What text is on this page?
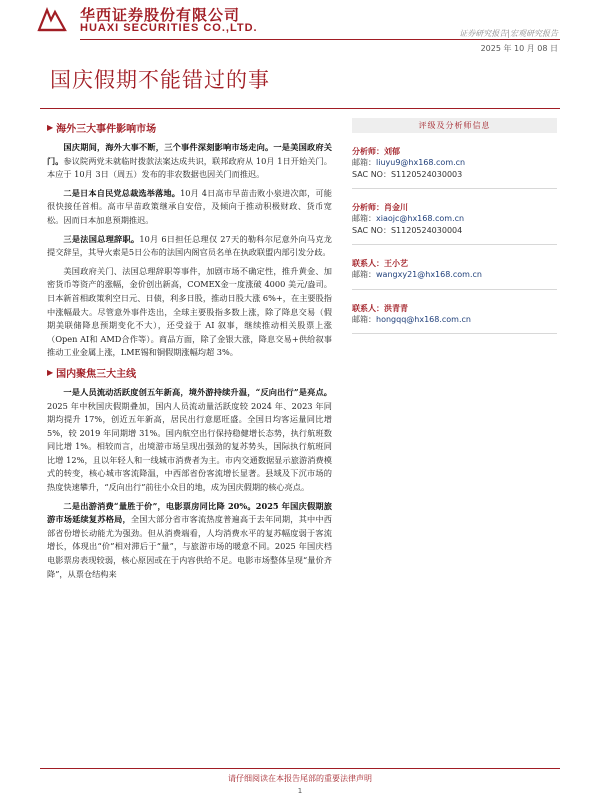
华西证券股份有限公司
HUAXI SECURITIES CO.,LTD.	证券研究报告|宏观研究报告
2025 年 10 月 08 日
国庆假期不能错过的事
▶ 海外三大事件影响市场

国庆期间，海外大事不断，三个事件深刻影响市场走向。一是美国政府关门。参议院两党未就临时拨款法案达成共识，联邦政府从 10月 1日开始关门。本应于 10月 3日（周五）发布的非农数据也因关门而推迟。

二是日本自民党总裁选举落地。10月 4日高市早苗击败小泉进次郎，可能很快接任首相。高市早苗政策继承自安倍，及倾向于推动积极财政、货币宽松。因而日本加息预期推迟。

三是法国总理辞职。10月 6日担任总理仅 27天的勒科尔尼意外向马克龙提交辞呈，其导火索是5日公布的法国内阁官员名单在执政联盟内部引发分歧。

美国政府关门、法国总理辞职等事件，加剧市场不确定性，推升黄金、加密货币等资产的涨幅，金价创出新高，COMEX金一度涨破 4000 美元/盎司。日本新首相政策利空日元、日债，利多日股，推动日股大涨 6%+，在主要股指中涨幅最大。尽管意外事件迭出，全球主要股指多数上涨，除了降息交易（假期美联储降息预期变化不大），还受益于 AI 叙事，继续推动相关股票上涨（Open AI和 AMD合作等）。商品方面，除了金银大涨，降息交易+供给叙事推动工业金属上涨，LME锡和铜假期涨幅均超 3%。

▶ 国内聚焦三大主线

一是人员流动活跃度创五年新高，境外游持续升温，“反向出行”是亮点。2025 年中秋国庆假期叠加，国内人员流动量活跃度较 2024 年、2023 年同期均提升 17%，创近五年新高，居民出行意愿旺盛。全国日均客运量同比增 5%，较 2019 年同期增 31%。国内航空出行保持稳健增长态势，执行航班数同比增 1%。相较而言，出境游市场呈现出强劲的复苏势头，国际执行航班同比增 12%，且以年轻人和一线城市消费者为主。市内交通数据显示旅游消费模式的转变，核心城市客流降温，中西部省份客流增长显著。县域及下沉市场的热度快速攀升，“反向出行”前往小众目的地，成为国庆假期的核心亮点。

二是出游消费“量胜于价”，电影票房同比降 20%。2025 年国庆假期旅游市场延续复苏格局，全国大部分省市客流热度普遍高于去年同期，其中中西部省份增长动能尤为强劲。但从消费端看，人均消费水平的复苏幅度弱于客流增长，体现出“价”相对滞后于“量”，与旅游市场的暖意不同。2025 年国庆档电影票房表现较弱，核心原因或在于内容供给不足。电影市场整体呈现“量价齐降”，从票仓结构来

评级及分析师信息
分析师：刘郁
邮箱：liuyu9@hx168.com.cn
SAC NO：S1120524030003
分析师：肖金川
邮箱：xiaojc@hx168.com.cn
SAC NO：S1120524030004
联系人：王小艺
邮箱：wangxy21@hx168.com.cn
联系人：洪青青
邮箱：hongqq@hx168.com.cn
请仔细阅读在本报告尾部的重要法律声明
1
